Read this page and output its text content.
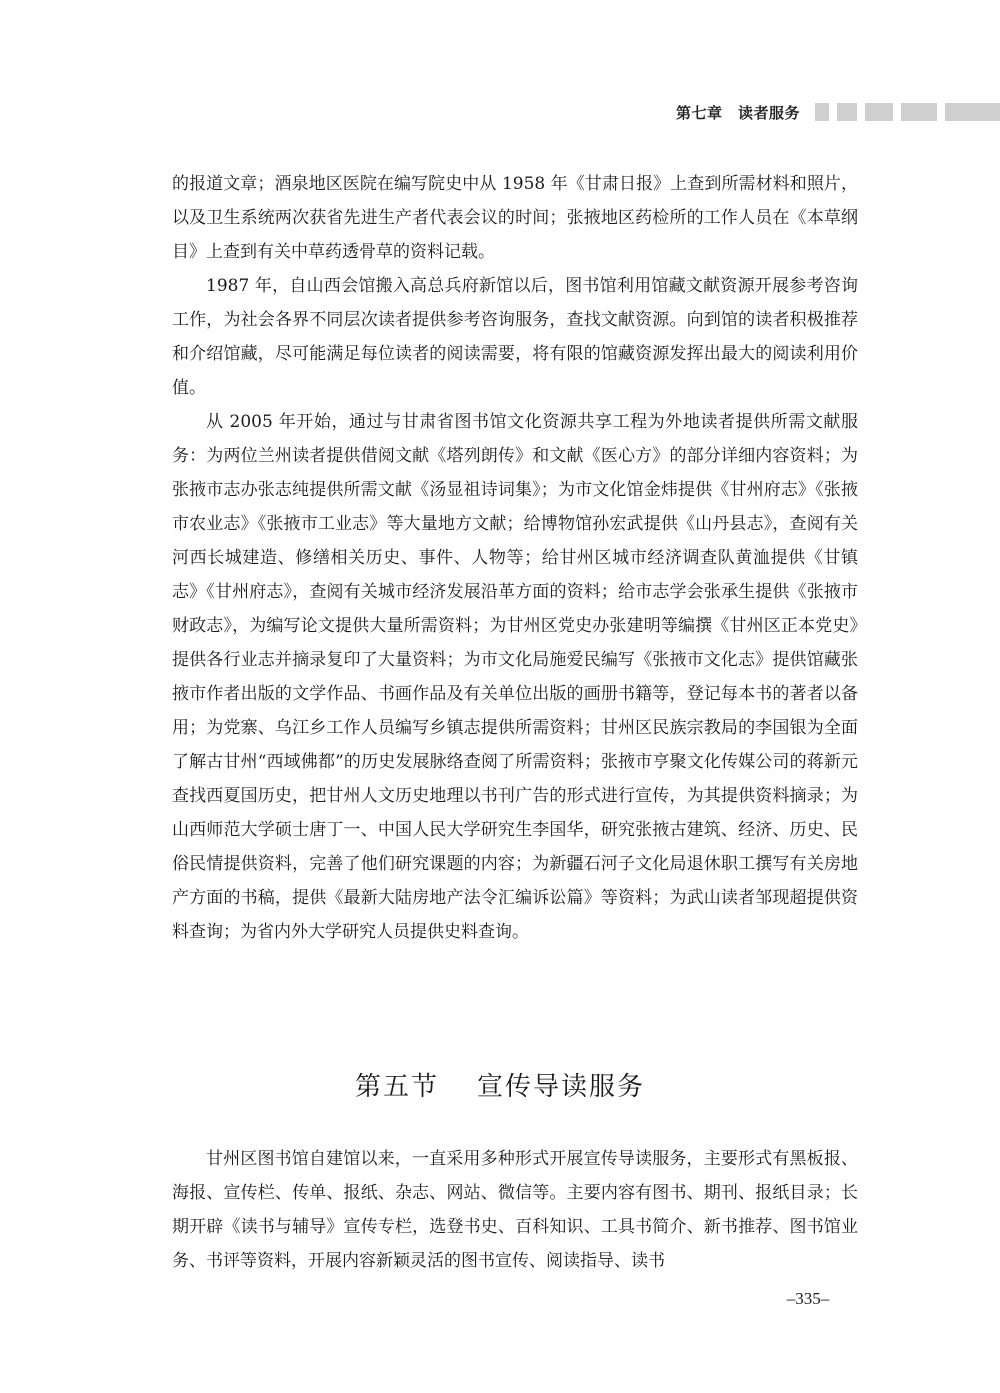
第七章　读者服务

的报道文章；酒泉地区医院在编写院史中从 1958 年《甘肃日报》上查到所需材料和照片，以及卫生系统两次获省先进生产者代表会议的时间；张掖地区药检所的工作人员在《本草纲目》上查到有关中草药透骨草的资料记载。

1987 年，自山西会馆搬入高总兵府新馆以后，图书馆利用馆藏文献资源开展参考咨询工作，为社会各界不同层次读者提供参考咨询服务，查找文献资源。向到馆的读者积极推荐和介绍馆藏，尽可能满足每位读者的阅读需要，将有限的馆藏资源发挥出最大的阅读利用价值。

从 2005 年开始，通过与甘肃省图书馆文化资源共享工程为外地读者提供所需文献服务：为两位兰州读者提供借阅文献《塔列朗传》和文献《医心方》的部分详细内容资料；为张掖市志办张志纯提供所需文献《汤显祖诗词集》；为市文化馆金炜提供《甘州府志》《张掖市农业志》《张掖市工业志》等大量地方文献；给博物馆孙宏武提供《山丹县志》，查阅有关河西长城建造、修缮相关历史、事件、人物等；给甘州区城市经济调查队黄洫提供《甘镇志》《甘州府志》，查阅有关城市经济发展沿革方面的资料；给市志学会张承生提供《张掖市财政志》，为编写论文提供大量所需资料；为甘州区党史办张建明等编撰《甘州区正本党史》提供各行业志并摘录复印了大量资料；为市文化局施爱民编写《张掖市文化志》提供馆藏张掖市作者出版的文学作品、书画作品及有关单位出版的画册书籍等，登记每本书的著者以备用；为党寨、乌江乡工作人员编写乡镇志提供所需资料；甘州区民族宗教局的李国银为全面了解古甘州“西域佛都”的历史发展脉络查阅了所需资料；张掖市亨聚文化传媒公司的蒋新元查找西夏国历史，把甘州人文历史地理以书刊广告的形式进行宣传，为其提供资料摘录；为山西师范大学硕士唐丁一、中国人民大学研究生李国华，研究张掖古建筑、经济、历史、民俗民情提供资料，完善了他们研究课题的内容；为新疆石河子文化局退休职工撰写有关房地产方面的书稿，提供《最新大陆房地产法令汇编诉讼篇》等资料；为武山读者邹现超提供资料查询；为省内外大学研究人员提供史料查询。

第五节 宣传导读服务

甘州区图书馆自建馆以来，一直采用多种形式开展宣传导读服务，主要形式有黑板报、海报、宣传栏、传单、报纸、杂志、网站、微信等。主要内容有图书、期刊、报纸目录；长期开辟《读书与辅导》宣传专栏，选登书史、百科知识、工具书简介、新书推荐、图书馆业务、书评等资料，开展内容新颖灵活的图书宣传、阅读指导、读书

–335–
